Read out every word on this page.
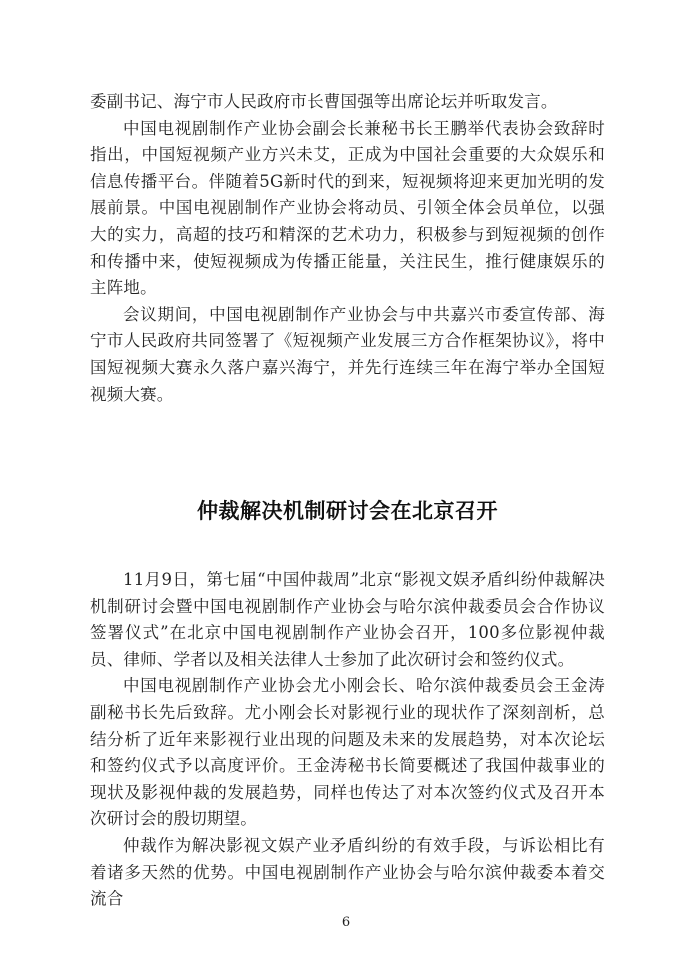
委副书记、海宁市人民政府市长曹国强等出席论坛并听取发言。

中国电视剧制作产业协会副会长兼秘书长王鹏举代表协会致辞时指出，中国短视频产业方兴未艾，正成为中国社会重要的大众娱乐和信息传播平台。伴随着5G新时代的到来，短视频将迎来更加光明的发展前景。中国电视剧制作产业协会将动员、引领全体会员单位，以强大的实力，高超的技巧和精深的艺术功力，积极参与到短视频的创作和传播中来，使短视频成为传播正能量，关注民生，推行健康娱乐的主阵地。

会议期间，中国电视剧制作产业协会与中共嘉兴市委宣传部、海宁市人民政府共同签署了《短视频产业发展三方合作框架协议》，将中国短视频大赛永久落户嘉兴海宁，并先行连续三年在海宁举办全国短视频大赛。

仲裁解决机制研讨会在北京召开

11月9日，第七届“中国仲裁周”北京“影视文娱矛盾纠纷仲裁解决机制研讨会暨中国电视剧制作产业协会与哈尔滨仲裁委员会合作协议签署仪式”在北京中国电视剧制作产业协会召开，100多位影视仲裁员、律师、学者以及相关法律人士参加了此次研讨会和签约仪式。

中国电视剧制作产业协会尤小刚会长、哈尔滨仲裁委员会王金涛副秘书长先后致辞。尤小刚会长对影视行业的现状作了深刻剖析，总结分析了近年来影视行业出现的问题及未来的发展趋势，对本次论坛和签约仪式予以高度评价。王金涛秘书长简要概述了我国仲裁事业的现状及影视仲裁的发展趋势，同样也传达了对本次签约仪式及召开本次研讨会的殷切期望。

仲裁作为解决影视文娱产业矛盾纠纷的有效手段，与诉讼相比有着诸多天然的优势。中国电视剧制作产业协会与哈尔滨仲裁委本着交流合

6
